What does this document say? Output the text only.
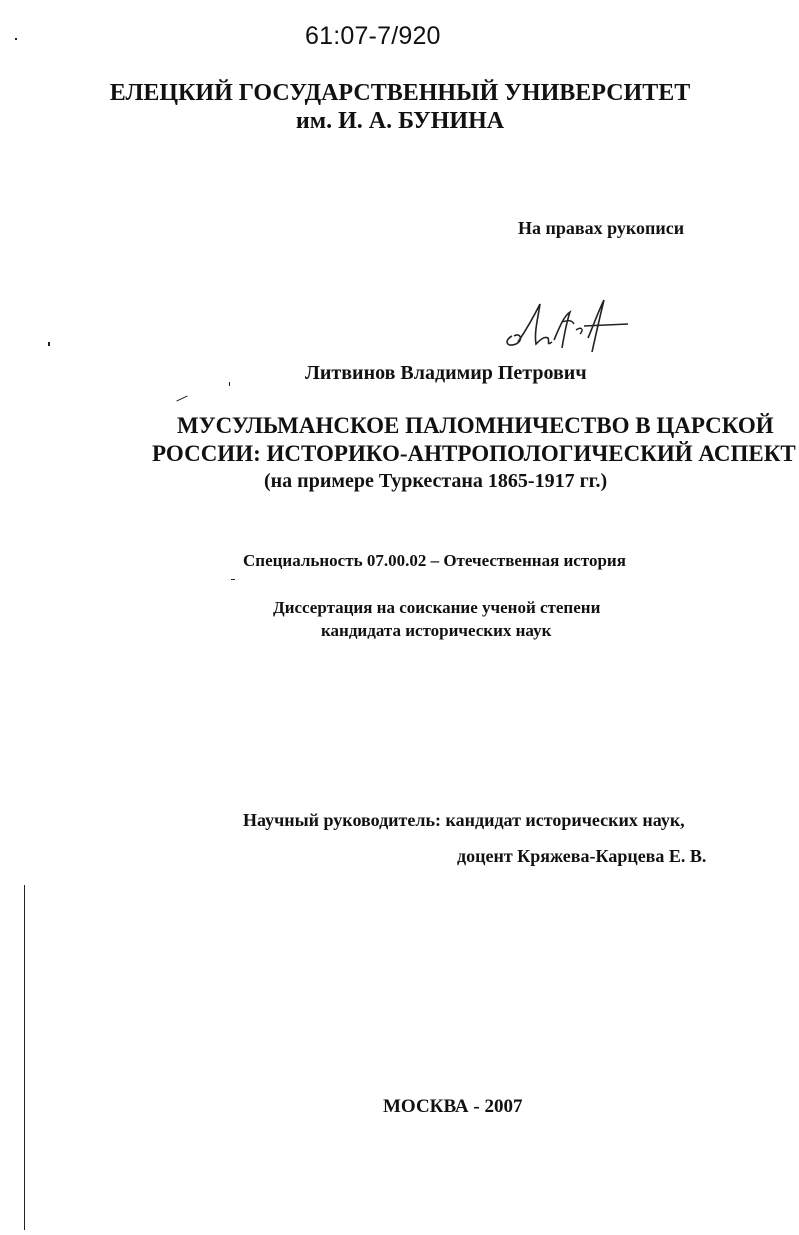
61:07-7/920
ЕЛЕЦКИЙ ГОСУДАРСТВЕННЫЙ УНИВЕРСИТЕТ
им. И. А. БУНИНА
На правах рукописи
Литвинов Владимир Петрович
МУСУЛЬМАНСКОЕ ПАЛОМНИЧЕСТВО В ЦАРСКОЙ
РОССИИ: ИСТОРИКО-АНТРОПОЛОГИЧЕСКИЙ АСПЕКТ
(на примере Туркестана 1865-1917 гг.)
Специальность 07.00.02 – Отечественная история
Диссертация на соискание ученой степени
кандидата исторических наук
Научный руководитель: кандидат исторических наук,
доцент Кряжева-Карцева Е. В.
МОСКВА - 2007
